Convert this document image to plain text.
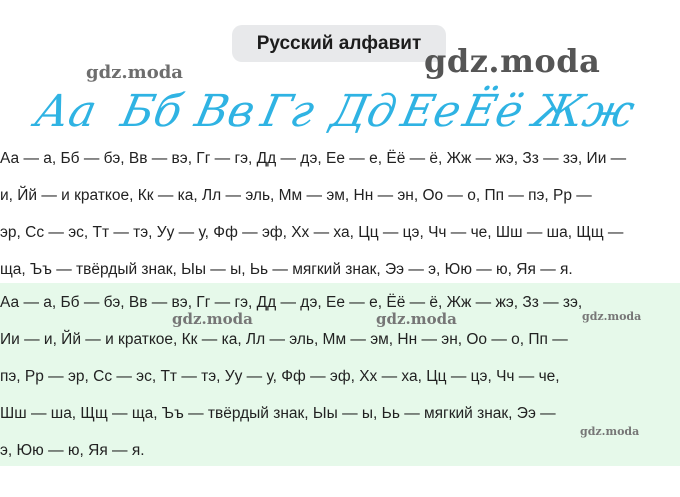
Русский алфавит
gdz.moda	gdz.moda
Аа Бб Вв
Гг Дд
Ее
Ёё Жж
Аа — а, Бб — бэ, Вв — вэ, Гг — гэ, Дд — дэ, Ее — е, Ёё — ё, Жж — жэ, Зз — зэ, Ии —
и, Йй — и краткое, Кк — ка, Лл — эль, Мм — эм, Нн — эн, Оо — о, Пп — пэ, Рр —
эр, Сс — эс, Тт — тэ, Уу — у, Фф — эф, Хх — ха, Цц — цэ, Чч — че, Шш — ша, Щщ —
ща, Ъъ — твёрдый знак, Ыы — ы, Ьь — мягкий знак, Ээ — э, Юю — ю, Яя — я.
Аа — а, Бб — бэ, Вв — вэ, Гг — гэ, Дд — дэ, Ее — е, Ёё — ё, Жж — жэ, Зз — зэ,
Ии — и, Йй — и краткое, Кк — ка, Лл — эль, Мм — эм, Нн — эн, Оо — о, Пп —
пэ, Рр — эр, Сс — эс, Тт — тэ, Уу — у, Фф — эф, Хх — ха, Цц — цэ, Чч — че,
Шш — ша, Щщ — ща, Ъъ — твёрдый знак, Ыы — ы, Ьь — мягкий знак, Ээ —
э, Юю — ю, Яя — я.
gdz.moda	gdz.moda	gdz.moda
gdz.moda
